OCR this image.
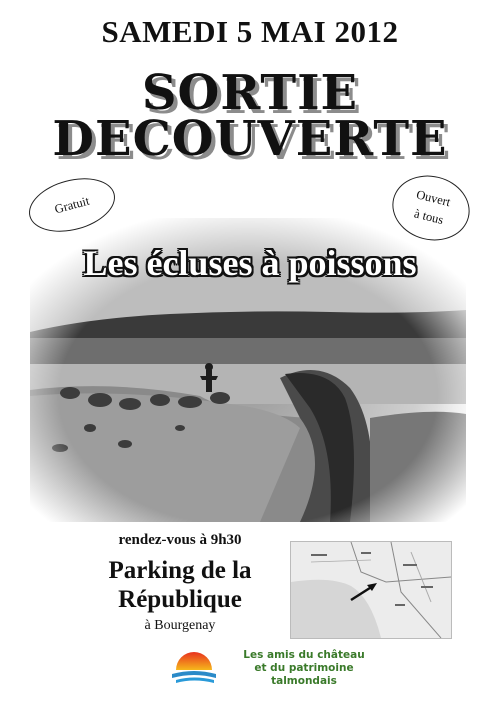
SAMEDI 5 MAI 2012
SORTIE
DECOUVERTE
Les écluses à poissons
Gratuit	Ouvert
à tous
rendez-vous à 9h30
Parking de la
République
à Bourgenay
Les amis du château
et du patrimoine
talmondais
